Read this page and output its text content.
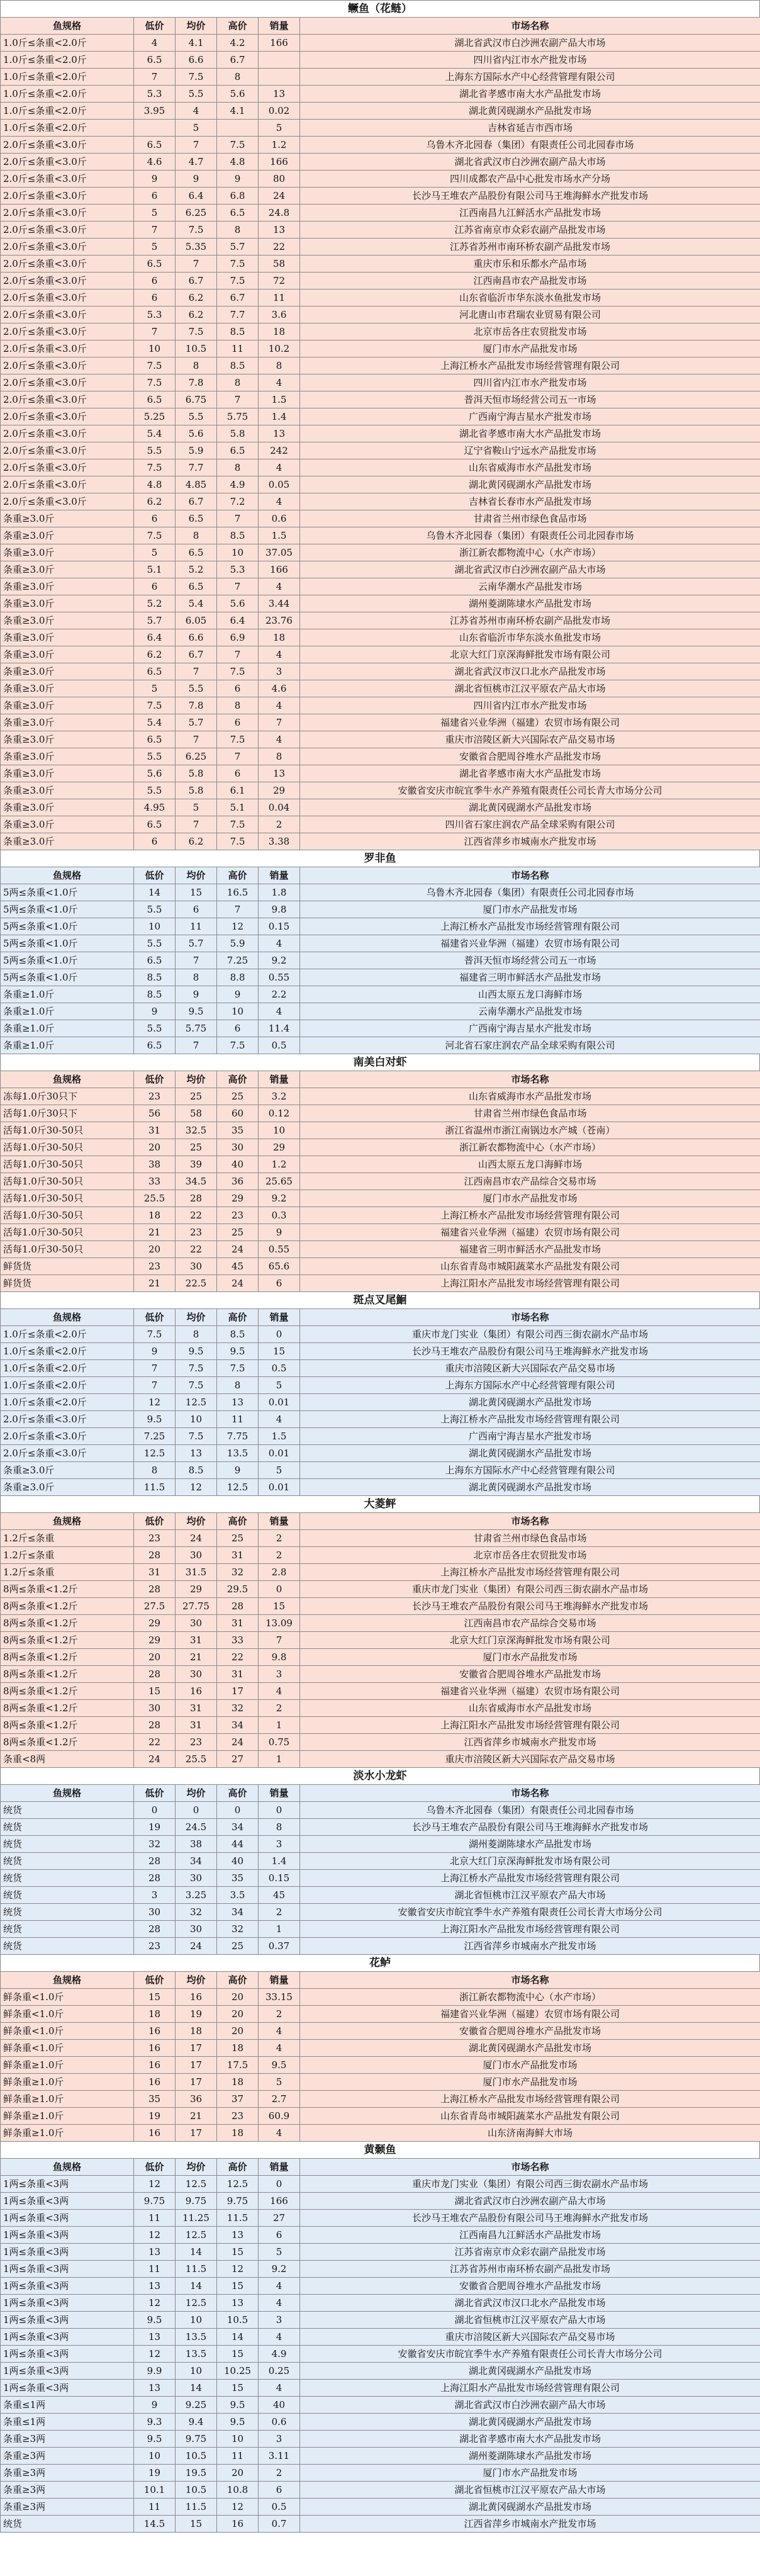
鳜鱼（花鲢）
鱼规格	低价	均价	高价	销量	市场名称
1.0斤≤条重<2.0斤	4	4.1	4.2	166	湖北省武汉市白沙洲农副产品大市场
1.0斤≤条重<2.0斤	6.5	6.6	6.7		四川省内江市水产批发市场
1.0斤≤条重<2.0斤	7	7.5	8		上海东方国际水产中心经营管理有限公司
1.0斤≤条重<2.0斤	5.3	5.5	5.6	13	湖北省孝感市南大水产品批发市场
1.0斤≤条重<2.0斤	3.95	4	4.1	0.02	湖北黄冈砚湖水产品批发市场
1.0斤≤条重<2.0斤		5		5	吉林省延吉市西市场
2.0斤≤条重<3.0斤	6.5	7	7.5	1.2	乌鲁木齐北园春（集团）有限责任公司北园春市场
2.0斤≤条重<3.0斤	4.6	4.7	4.8	166	湖北省武汉市白沙洲农副产品大市场
2.0斤≤条重<3.0斤	9	9	9	80	四川成都农产品中心批发市场水产分场
2.0斤≤条重<3.0斤	6	6.4	6.8	24	长沙马王堆农产品股份有限公司马王堆海鲜水产批发市场
2.0斤≤条重<3.0斤	5	6.25	6.5	24.8	江西南昌九江鲜活水产品批发市场
2.0斤≤条重<3.0斤	7	7.5	8	13	江苏省南京市众彩农副产品批发市场
2.0斤≤条重<3.0斤	5	5.35	5.7	22	江苏省苏州市南环桥农副产品批发市场
2.0斤≤条重<3.0斤	6.5	7	7.5	58	重庆市乐和乐都水产品市场
2.0斤≤条重<3.0斤	6	6.7	7.5	72	江西南昌市农产品批发市场
2.0斤≤条重<3.0斤	6	6.2	6.7	11	山东省临沂市华东淡水鱼批发市场
2.0斤≤条重<3.0斤	5.3	6.2	7.7	3.6	河北唐山市君瑞农业贸易有限公司
2.0斤≤条重<3.0斤	7	7.5	8.5	18	北京市岳各庄农贸批发市场
2.0斤≤条重<3.0斤	10	10.5	11	10.2	厦门市水产品批发市场
2.0斤≤条重<3.0斤	7.5	8	8.5	8	上海江桥水产品批发市场经营管理有限公司
2.0斤≤条重<3.0斤	7.5	7.8	8	4	四川省内江市水产批发市场
2.0斤≤条重<3.0斤	6.5	6.75	7	1.5	普洱天恒市场经营公司五一市场
2.0斤≤条重<3.0斤	5.25	5.5	5.75	1.4	广西南宁海吉星水产批发市场
2.0斤≤条重<3.0斤	5.4	5.6	5.8	13	湖北省孝感市南大水产品批发市场
2.0斤≤条重<3.0斤	5.5	5.9	6.5	242	辽宁省鞍山宁远水产品批发市场
2.0斤≤条重<3.0斤	7.5	7.7	8	4	山东省威海市水产品批发市场
2.0斤≤条重<3.0斤	4.8	4.85	4.9	0.05	湖北黄冈砚湖水产品批发市场
2.0斤≤条重<3.0斤	6.2	6.7	7.2	4	吉林省长春市水产品批发市场
条重≥3.0斤	6	6.5	7	0.6	甘肃省兰州市绿色食品市场
条重≥3.0斤	7.5	8	8.5	1.5	乌鲁木齐北园春（集团）有限责任公司北园春市场
条重≥3.0斤	5	6.5	10	37.05	浙江新农都物流中心（水产市场）
条重≥3.0斤	5.1	5.2	5.3	166	湖北省武汉市白沙洲农副产品大市场
条重≥3.0斤	6	6.5	7	4	云南华潮水产品批发市场
条重≥3.0斤	5.2	5.4	5.6	3.44	湖州菱湖陈埭水产品批发市场
条重≥3.0斤	5.7	6.05	6.4	23.76	江苏省苏州市南环桥农副产品批发市场
条重≥3.0斤	6.4	6.6	6.9	18	山东省临沂市华东淡水鱼批发市场
条重≥3.0斤	6.2	6.7	7	4	北京大红门京深海鲜批发市场有限公司
条重≥3.0斤	6.5	7	7.5	3	湖北省武汉市汉口北水产品批发市场
条重≥3.0斤	5	5.5	6	4.6	湖北省恒桃市江汉平原农产品大市场
条重≥3.0斤	7.5	7.8	8	4	四川省内江市水产批发市场
条重≥3.0斤	5.4	5.7	6	7	福建省兴业华洲（福建）农贸市场有限公司
条重≥3.0斤	6.5	7	7.5	4	重庆市涪陵区新大兴国际农产品交易市场
条重≥3.0斤	5.5	6.25	7	8	安徽省合肥周谷堆水产品批发市场
条重≥3.0斤	5.6	5.8	6	13	湖北省孝感市南大水产品批发市场
条重≥3.0斤	5.5	5.8	6.1	29	安徽省安庆市皖宜季牛水产养殖有限责任公司长青大市场分公司
条重≥3.0斤	4.95	5	5.1	0.04	湖北黄冈砚湖水产品批发市场
条重≥3.0斤	6.5	7	7.5	2	四川省石家庄润农产品全球采购有限公司
条重≥3.0斤	6	6.2	7.5	3.38	江西省萍乡市城南水产批发市场
罗非鱼
鱼规格	低价	均价	高价	销量	市场名称
5两≤条重<1.0斤	14	15	16.5	1.8	乌鲁木齐北园春（集团）有限责任公司北园春市场
5两≤条重<1.0斤	5.5	6	7	9.8	厦门市水产品批发市场
5两≤条重<1.0斤	10	11	12	0.15	上海江桥水产品批发市场经营管理有限公司
5两≤条重<1.0斤	5.5	5.7	5.9	4	福建省兴业华洲（福建）农贸市场有限公司
5两≤条重<1.0斤	6.5	7	7.25	9.2	普洱天恒市场经营公司五一市场
5两≤条重<1.0斤	8.5	8	8.8	0.55	福建省三明市鲜活水产品批发市场
条重≥1.0斤	8.5	9	9	2.2	山西太原五龙口海鲜市场
条重≥1.0斤	9	9.5	10	4	云南华潮水产品批发市场
条重≥1.0斤	5.5	5.75	6	11.4	广西南宁海吉星水产批发市场
条重≥1.0斤	6.5	7	7.5	0.5	河北省石家庄润农产品全球采购有限公司
南美白对虾
鱼规格	低价	均价	高价	销量	市场名称
冻每1.0斤30只下	23	25	25	3.2	山东省威海市水产品批发市场
活每1.0斤30只下	56	58	60	0.12	甘肃省兰州市绿色食品市场
活每1.0斤30-50只	31	32.5	35	10	浙江省温州市浙江南锅边水产城（苍南）
活每1.0斤30-50只	20	25	30	29	浙江新农都物流中心（水产市场）
活每1.0斤30-50只	38	39	40	1.2	山西太原五龙口海鲜市场
活每1.0斤30-50只	33	34.5	36	25.65	江西南昌市农产品综合交易市场
活每1.0斤30-50只	25.5	28	29	9.2	厦门市水产品批发市场
活每1.0斤30-50只	18	22	23	0.3	上海江桥水产品批发市场经营管理有限公司
活每1.0斤30-50只	21	23	25	9	福建省兴业华洲（福建）农贸市场有限公司
活每1.0斤30-50只	20	22	24	0.55	福建省三明市鲜活水产品批发市场
鲜货货	23	30	45	65.6	山东省青岛市城阳蔬菜水产品批发有限公司
鲜货货	21	22.5	24	6	上海江阳水产品批发市场经营管理有限公司
斑点叉尾鮰
鱼规格	低价	均价	高价	销量	市场名称
1.0斤≤条重<2.0斤	7.5	8	8.5	0	重庆市龙门实业（集团）有限公司西三街农副水产品市场
1.0斤≤条重<2.0斤	9	9.5	9.5	15	长沙马王堆农产品股份有限公司马王堆海鲜水产批发市场
1.0斤≤条重<2.0斤	7	7.5	7.5	0.5	重庆市涪陵区新大兴国际农产品交易市场
1.0斤≤条重<2.0斤	7	7.5	8	5	上海东方国际水产中心经营管理有限公司
1.0斤≤条重<2.0斤	12	12.5	13	0.01	湖北黄冈砚湖水产品批发市场
2.0斤≤条重<3.0斤	9.5	10	11	4	上海江桥水产品批发市场经营管理有限公司
2.0斤≤条重<3.0斤	7.25	7.5	7.75	1.5	广西南宁海吉星水产批发市场
2.0斤≤条重<3.0斤	12.5	13	13.5	0.01	湖北黄冈砚湖水产品批发市场
条重≥3.0斤	8	8.5	9	5	上海东方国际水产中心经营管理有限公司
条重≥3.0斤	11.5	12	12.5	0.01	湖北黄冈砚湖水产品批发市场
大菱鲆
鱼规格	低价	均价	高价	销量	市场名称
1.2斤≤条重	23	24	25	2	甘肃省兰州市绿色食品市场
1.2斤≤条重	28	30	31	2	北京市岳各庄农贸批发市场
1.2斤≤条重	31	31.5	32	2.8	上海江桥水产品批发市场经营管理有限公司
8两≤条重<1.2斤	28	29	29.5	0	重庆市龙门实业（集团）有限公司西三街农副水产品市场
8两≤条重<1.2斤	27.5	27.75	28	15	长沙马王堆农产品股份有限公司马王堆海鲜水产批发市场
8两≤条重<1.2斤	29	30	31	13.09	江西南昌市农产品综合交易市场
8两≤条重<1.2斤	29	31	33	7	北京大红门京深海鲜批发市场有限公司
8两≤条重<1.2斤	20	21	22	9.8	厦门市水产品批发市场
8两≤条重<1.2斤	28	30	31	3	安徽省合肥周谷堆水产品批发市场
8两≤条重<1.2斤	15	16	17	4	福建省兴业华洲（福建）农贸市场有限公司
8两≤条重<1.2斤	30	31	32	2	山东省威海市水产品批发市场
8两≤条重<1.2斤	28	31	34	1	上海江阳水产品批发市场经营管理有限公司
8两≤条重<1.2斤	22	23	24	0.75	江西省萍乡市城南水产批发市场
条重<8两	24	25.5	27	1	重庆市涪陵区新大兴国际农产品交易市场
淡水小龙虾
鱼规格	低价	均价	高价	销量	市场名称
统货	0	0	0	0	乌鲁木齐北园春（集团）有限责任公司北园春市场
统货	19	24.5	34	8	长沙马王堆农产品股份有限公司马王堆海鲜水产批发市场
统货	32	38	44	3	湖州菱湖陈埭水产品批发市场
统货	28	34	40	1.4	北京大红门京深海鲜批发市场有限公司
统货	28	30	35	0.15	上海江桥水产品批发市场经营管理有限公司
统货	3	3.25	3.5	45	湖北省恒桃市江汉平原农产品大市场
统货	30	32	34	2	安徽省安庆市皖宜季牛水产养殖有限责任公司长青大市场分公司
统货	28	30	32	1	上海江阳水产品批发市场经营管理有限公司
统货	23	24	25	0.37	江西省萍乡市城南水产批发市场
花鲈
鱼规格	低价	均价	高价	销量	市场名称
鲜条重<1.0斤	15	16	20	33.15	浙江新农都物流中心（水产市场）
鲜条重<1.0斤	18	19	20	2	福建省兴业华洲（福建）农贸市场有限公司
鲜条重<1.0斤	16	18	20	4	安徽省合肥周谷堆水产品批发市场
鲜条重<1.0斤	16	17	18	4	湖北黄冈砚湖水产品批发市场
鲜条重≥1.0斤	16	17	17.5	9.5	厦门市水产品批发市场
鲜条重≥1.0斤	16	17	18	5	厦门市水产品批发市场
鲜条重≥1.0斤	35	36	37	2.7	上海江桥水产品批发市场经营管理有限公司
鲜条重≥1.0斤	19	21	23	60.9	山东省青岛市城阳蔬菜水产品批发有限公司
鲜条重≥1.0斤	16	17	18	4	山东济南海鲜大市场
黄颡鱼
鱼规格	低价	均价	高价	销量	市场名称
1两≤条重<3两	12	12.5	12.5	0	重庆市龙门实业（集团）有限公司西三街农副水产品市场
1两≤条重<3两	9.75	9.75	9.75	166	湖北省武汉市白沙洲农副产品大市场
1两≤条重<3两	11	11.25	11.5	27	长沙马王堆农产品股份有限公司马王堆海鲜水产批发市场
1两≤条重<3两	12	12.5	13	6	江西南昌九江鲜活水产品批发市场
1两≤条重<3两	13	14	15	5	江苏省南京市众彩农副产品批发市场
1两≤条重<3两	11	11.5	12	9.2	江苏省苏州市南环桥农副产品批发市场
1两≤条重<3两	13	14	15	4	安徽省合肥周谷堆水产品批发市场
1两≤条重<3两	12	12.5	13	4	湖北省武汉市汉口北水产品批发市场
1两≤条重<3两	9.5	10	10.5	3	湖北省恒桃市江汉平原农产品大市场
1两≤条重<3两	13	13.5	14	4	重庆市涪陵区新大兴国际农产品交易市场
1两≤条重<3两	12	13.5	15	4.9	安徽省安庆市皖宜季牛水产养殖有限责任公司长青大市场分公司
1两≤条重<3两	9.9	10	10.25	0.25	湖北黄冈砚湖水产品批发市场
1两≤条重<3两	13	14	15	4	上海江阳水产品批发市场经营管理有限公司
条重≤1两	9	9.25	9.5	40	湖北省武汉市白沙洲农副产品大市场
条重≤1两	9.3	9.4	9.5	0.6	湖北黄冈砚湖水产品批发市场
条重≥3两	9.5	9.75	10	3	湖北省孝感市南大水产品批发市场
条重≥3两	10	10.5	11	3.11	湖州菱湖陈埭水产品批发市场
条重≥3两	19	19.5	20	2	厦门市水产品批发市场
条重≥3两	10.1	10.5	10.8	6	湖北省恒桃市江汉平原农产品大市场
条重≥3两	11	11.5	12	0.5	湖北黄冈砚湖水产品批发市场
统货	14.5	15	16	0.7	江西省萍乡市城南水产批发市场
